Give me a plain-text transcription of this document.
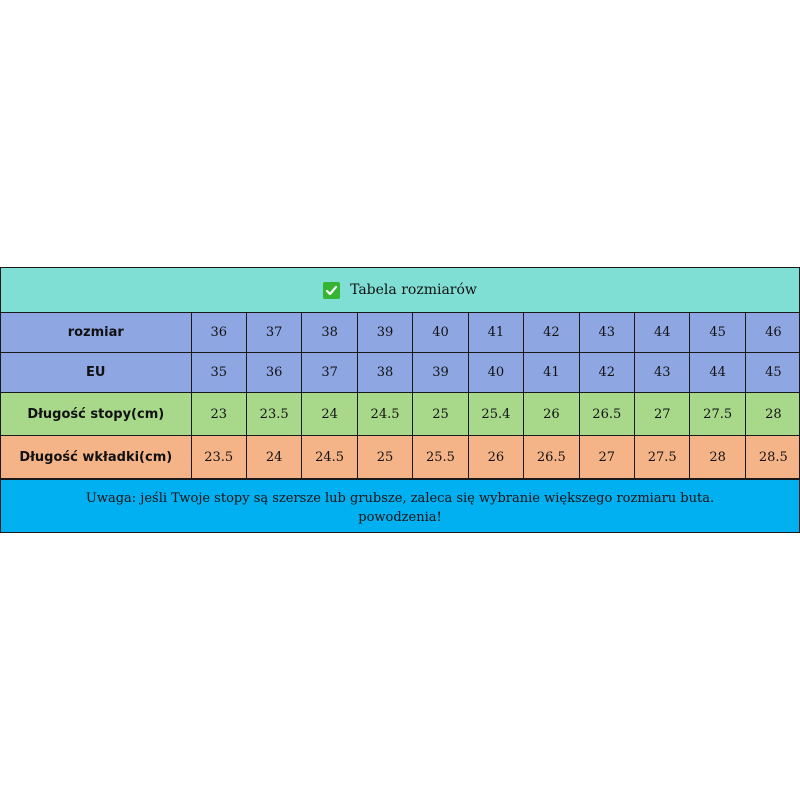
Tabela rozmiarów
rozmiar	36	37	38	39	40	41	42	43	44	45	46
EU	35	36	37	38	39	40	41	42	43	44	45
Długość stopy(cm)	23	23.5	24	24.5	25	25.4	26	26.5	27	27.5	28
Długość wkładki(cm)	23.5	24	24.5	25	25.5	26	26.5	27	27.5	28	28.5
Uwaga: jeśli Twoje stopy są szersze lub grubsze, zaleca się wybranie większego rozmiaru buta.
powodzenia!
